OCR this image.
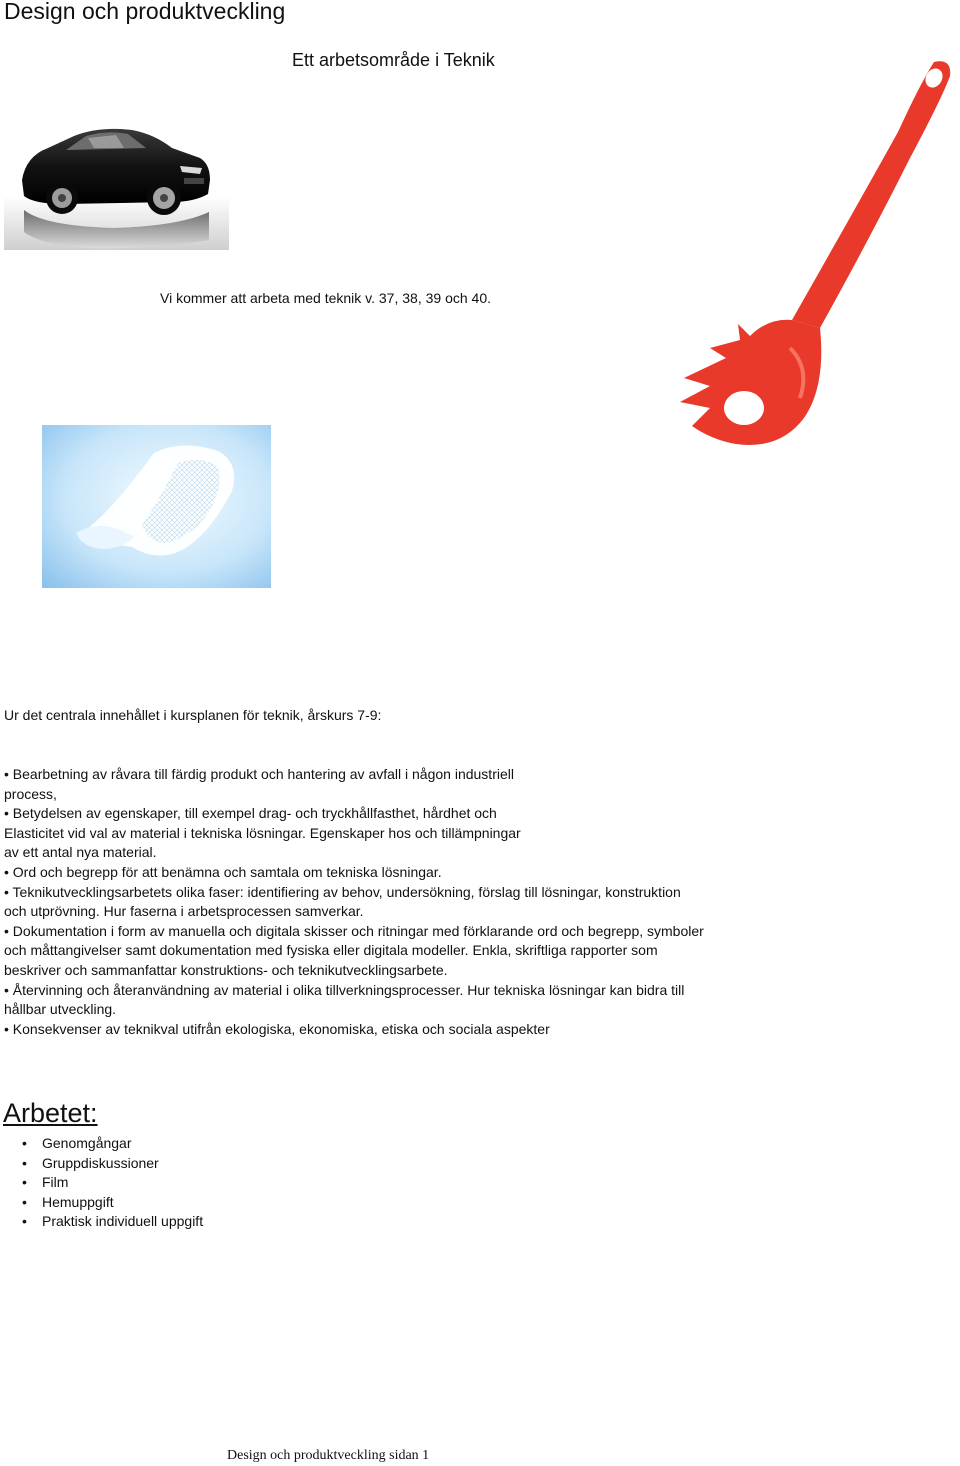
Design och produktveckling
Ett arbetsområde i Teknik
Vi kommer att arbeta med teknik v. 37, 38, 39 och 40.
Ur det centrala innehållet i kursplanen för teknik, årskurs 7-9:
• Bearbetning av råvara till färdig produkt och hantering av avfall i någon industriell
process,
• Betydelsen av egenskaper, till exempel drag- och tryckhållfasthet, hårdhet och
Elasticitet vid val av material i tekniska lösningar. Egenskaper hos och tillämpningar
av ett antal nya material.
• Ord och begrepp för att benämna och samtala om tekniska lösningar.
• Teknikutvecklingsarbetets olika faser: identifiering av behov, undersökning, förslag till lösningar, konstruktion
och utprövning. Hur faserna i arbetsprocessen samverkar.
• Dokumentation i form av manuella och digitala skisser och ritningar med förklarande ord och begrepp, symboler
och måttangivelser samt dokumentation med fysiska eller digitala modeller. Enkla, skriftliga rapporter som
beskriver och sammanfattar konstruktions- och teknikutvecklingsarbete.
• Återvinning och återanvändning av material i olika tillverkningsprocesser. Hur tekniska lösningar kan bidra till
hållbar utveckling.
• Konsekvenser av teknikval utifrån ekologiska, ekonomiska, etiska och sociala aspekter
Arbetet:
• Genomgångar
• Gruppdiskussioner
• Film
• Hemuppgift
• Praktisk individuell uppgift
Design och produktveckling sidan 1
